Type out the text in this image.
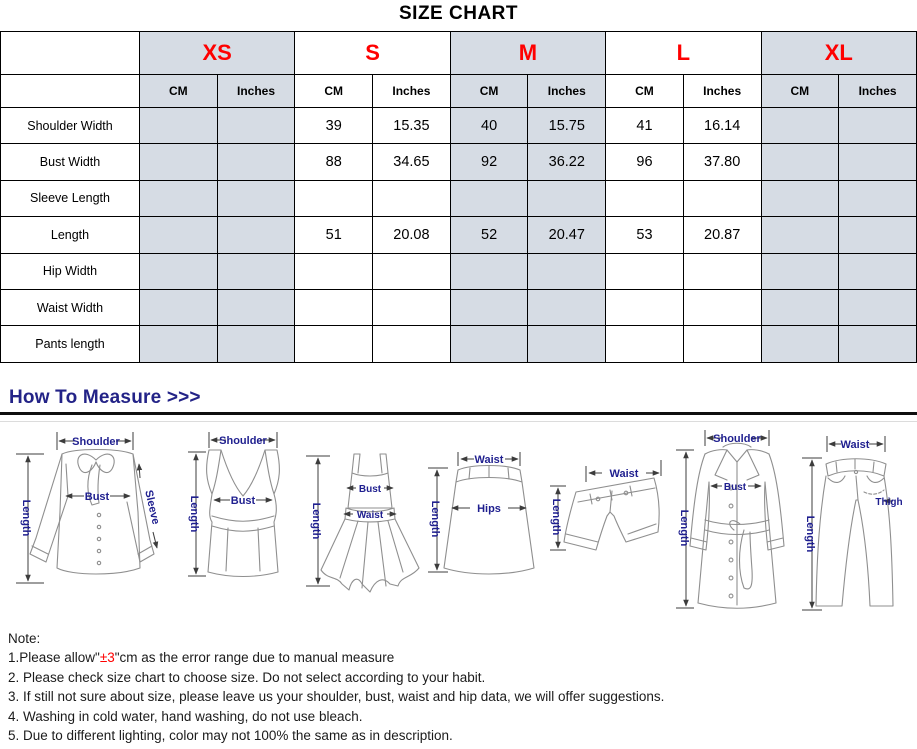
SIZE CHART
	XS		S		M		L		XL	
	CM	Inches	CM	Inches	CM	Inches	CM	Inches	CM	Inches
Shoulder Width			39	15.35	40	15.75	41	16.14		
Bust Width			88	34.65	92	36.22	96	37.80		
Sleeve Length										
Length			51	20.08	52	20.47	53	20.87		
Hip Width										
Waist Width										
Pants length										
How To Measure >>>
Shoulder
Length
Bust	Sleeve
Shoulder
Length	Bust
Length
Bust
Waist
Waist
Length	Hips
Waist
Length
Shoulder
Length
Bust
Waist
Length
Thigh
Note:
1.Please allow"±3"cm as the error range due to manual measure
2. Please check size chart to choose size. Do not select according to your habit.
3. If still not sure about size, please leave us your shoulder, bust, waist and hip data, we will offer suggestions.
4. Washing in cold water, hand washing, do not use bleach.
5. Due to different lighting, color may not 100% the same as in description.
